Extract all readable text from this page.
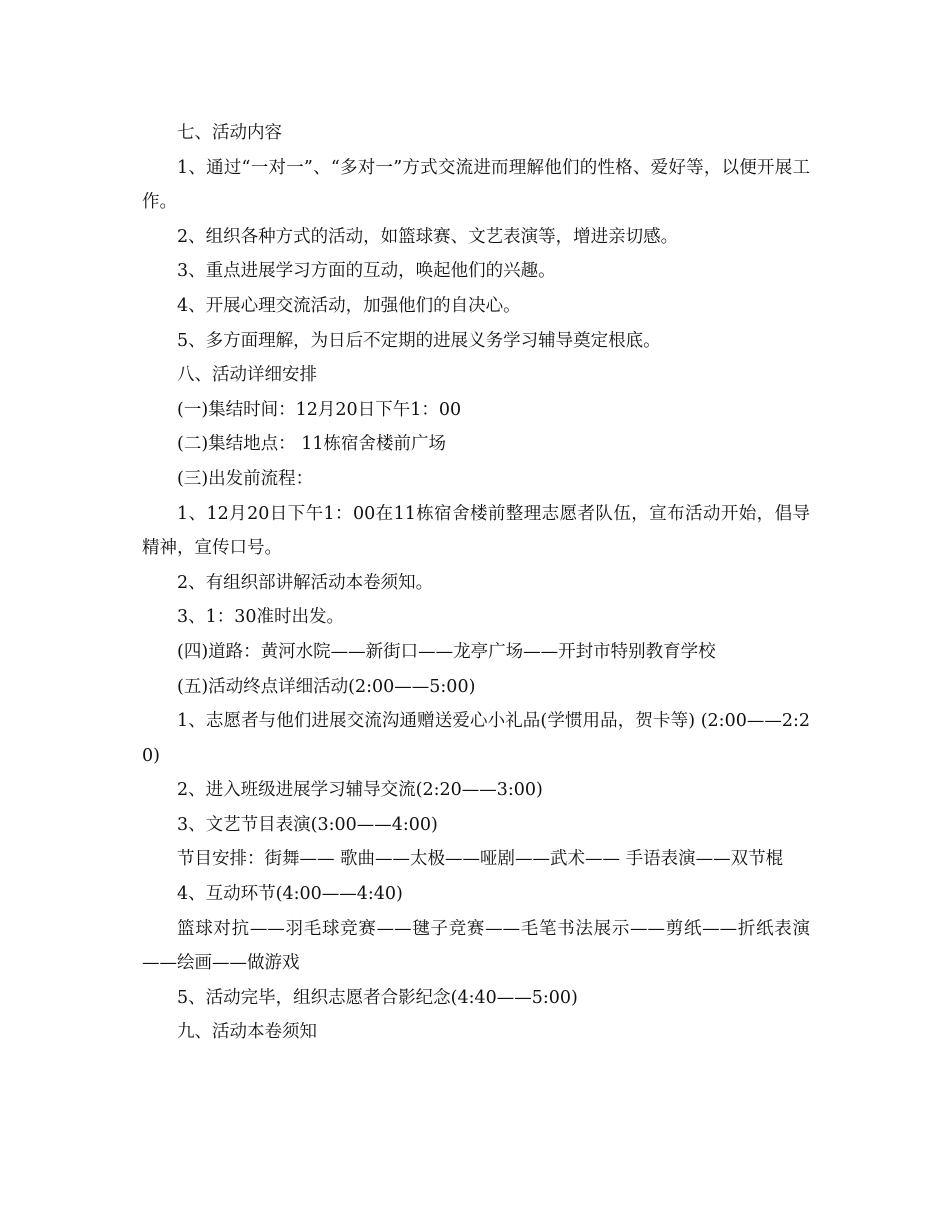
七、活动内容

1、通过“一对一”、“多对一”方式交流进而理解他们的性格、爱好等，以便开展工作。

2、组织各种方式的活动，如篮球赛、文艺表演等，增进亲切感。

3、重点进展学习方面的互动，唤起他们的兴趣。

4、开展心理交流活动，加强他们的自决心。

5、多方面理解，为日后不定期的进展义务学习辅导奠定根底。

八、活动详细安排

(一)集结时间：12月20日下午1：00

(二)集结地点： 11栋宿舍楼前广场

(三)出发前流程：

1、12月20日下午1：00在11栋宿舍楼前整理志愿者队伍，宣布活动开始，倡导精神，宣传口号。

2、有组织部讲解活动本卷须知。

3、1：30准时出发。

(四)道路：黄河水院——新街口——龙亭广场——开封市特别教育学校

(五)活动终点详细活动(2:00——5:00)

1、志愿者与他们进展交流沟通赠送爱心小礼品(学惯用品，贺卡等) (2:00——2:20)

2、进入班级进展学习辅导交流(2:20——3:00)

3、文艺节目表演(3:00——4:00)

节目安排：街舞—— 歌曲——太极——哑剧——武术—— 手语表演——双节棍

4、互动环节(4:00——4:40)

篮球对抗——羽毛球竞赛——毽子竞赛——毛笔书法展示——剪纸——折纸表演——绘画——做游戏

5、活动完毕，组织志愿者合影纪念(4:40——5:00)

九、活动本卷须知
